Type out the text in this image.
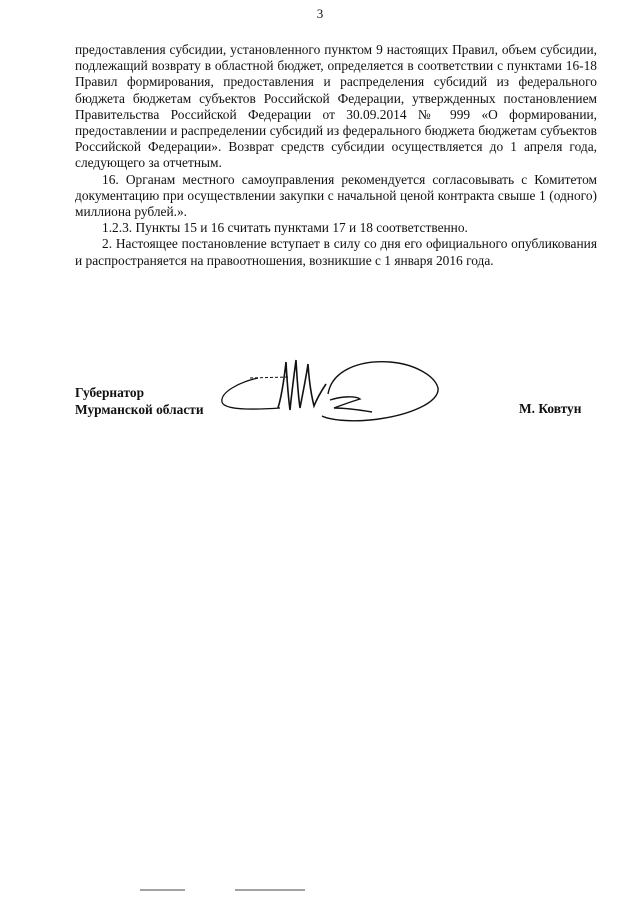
3

предоставления субсидии, установленного пунктом 9 настоящих Правил, объем субсидии, подлежащий возврату в областной бюджет, определяется в соответствии с пунктами 16-18 Правил формирования, предоставления и распределения субсидий из федерального бюджета бюджетам субъектов Российской Федерации, утвержденных постановлением Правительства Российской Федерации от 30.09.2014 № 999 «О формировании, предоставлении и распределении субсидий из федерального бюджета бюджетам субъектов Российской Федерации». Возврат средств субсидии осуществляется до 1 апреля года, следующего за отчетным.

16. Органам местного самоуправления рекомендуется согласовывать с Комитетом документацию при осуществлении закупки с начальной ценой контракта свыше 1 (одного) миллиона рублей.».

1.2.3. Пункты 15 и 16 считать пунктами 17 и 18 соответственно.

2. Настоящее постановление вступает в силу со дня его официального опубликования и распространяется на правоотношения, возникшие с 1 января 2016 года.

Губернатор
Мурманской области	М. Ковтун
